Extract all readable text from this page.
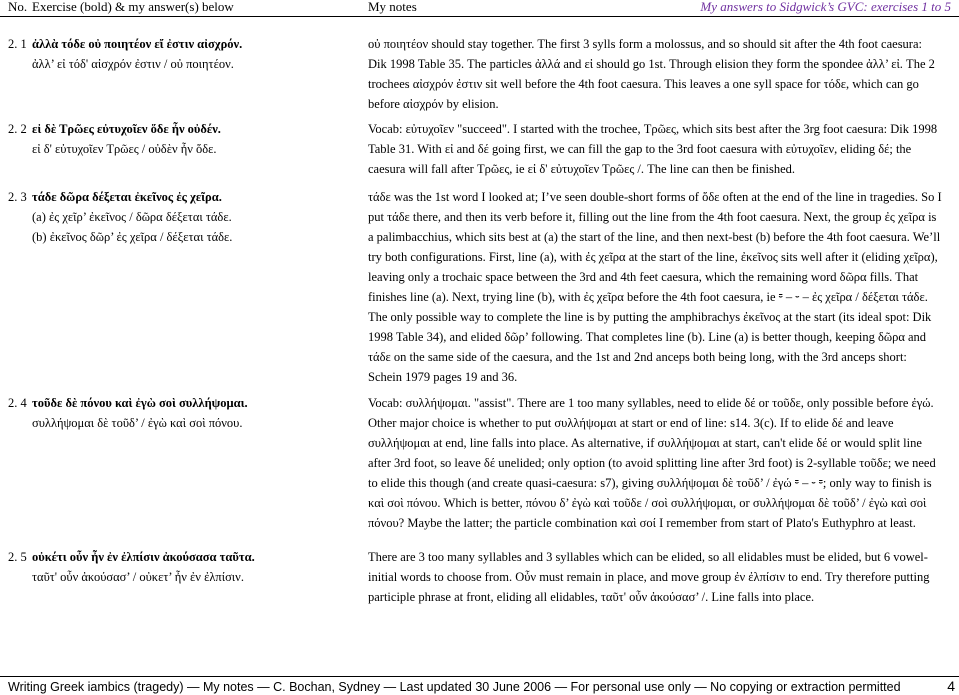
No. Exercise (bold) & my answer(s) below	My notes	My answers to Sidgwick’s GVC: exercises 1 to 5
2. 1 ἀλλὰ τόδε οὐ ποιητέον εἴ ἐστιν αἰσχρόν.
ἀλλ’ εἰ τόδ' αἰσχρόν ἐστιν / οὐ ποιητέον.

οὐ ποιητέον should stay together. The first 3 sylls form a molossus, and so should sit after the 4th foot caesura: Dik 1998 Table 35. The particles ἀλλά and εἰ should go 1st. Through elision they form the spondee ἀλλ’ εἰ. The 2 trochees αἰσχρόν ἐστιν sit well before the 4th foot caesura. This leaves a one syll space for τόδε, which can go before αἰσχρόν by elision.

2. 2 εἰ δὲ Τρῶες εὐτυχοῖεν ὅδε ἦν οὐδέν.
εἰ δ' εὐτυχοῖεν Τρῶες / οὐδὲν ἦν ὅδε.

Vocab: εὐτυχοῖεν "succeed". I started with the trochee, Τρῶες, which sits best after the 3rg foot caesura: Dik 1998 Table 31. With εἰ and δέ going first, we can fill the gap to the 3rd foot caesura with εὐτυχοῖεν, eliding δέ; the caesura will fall after Τρῶες, ie εἰ δ' εὐτυχοῖεν Τρῶες /. The line can then be finished.

2. 3 τάδε δῶρα δέξεται ἐκεῖνος ἐς χεῖρα.
(a) ἐς χεῖρ’ ἐκεῖνος / δῶρα δέξεται τάδε.
(b) ἐκεῖνος δῶρ’ ἐς χεῖρα / δέξεται τάδε.

τάδε was the 1st word I looked at; I’ve seen double-short forms of ὅδε often at the end of the line in tragedies. So I put τάδε there, and then its verb before it, filling out the line from the 4th foot caesura. Next, the group ἐς χεῖρα is a palimbacchius, which sits best at (a) the start of the line, and then next-best (b) before the 4th foot caesura. We’ll try both configurations. First, line (a), with ἐς χεῖρα at the start of the line, ἐκεῖνος sits well after it (eliding χεῖρα), leaving only a trochaic space between the 3rd and 4th feet caesura, which the remaining word δῶρα fills. That finishes line (a). Next, trying line (b), with ἐς χεῖρα before the 4th foot caesura, ie ⏒ – ⏑ – ἐς χεῖρα / δέξεται τάδε. The only possible way to complete the line is by putting the amphibrachys ἐκεῖνος at the start (its ideal spot: Dik 1998 Table 34), and elided δῶρ’ following. That completes line (b). Line (a) is better though, keeping δῶρα and τάδε on the same side of the caesura, and the 1st and 2nd anceps both being long, with the 3rd anceps short: Schein 1979 pages 19 and 36.

2. 4 τοῦδε δὲ πόνου καὶ ἐγὼ σοὶ συλλήψομαι.
συλλήψομαι δὲ τοῦδ’ / ἐγὼ καὶ σοὶ πόνου.

Vocab: συλλήψομαι. "assist". There are 1 too many syllables, need to elide δέ or τοῦδε, only possible before ἐγώ. Other major choice is whether to put συλλήψομαι at start or end of line: s14. 3(c). If to elide δέ and leave συλλήψομαι at end, line falls into place. As alternative, if συλλήψομαι at start, can't elide δέ or would split line after 3rd foot, so leave δέ unelided; only option (to avoid splitting line after 3rd foot) is 2-syllable τοῦδε; we need to elide this though (and create quasi-caesura: s7), giving συλλήψομαι δὲ τοῦδ’ / ἐγώ ⏒ – ⏑ ⏒; only way to finish is καὶ σοὶ πόνου. Which is better, πόνου δ’ ἐγὼ καὶ τοῦδε / σοὶ συλλήψομαι, or συλλήψομαι δὲ τοῦδ’ / ἐγὼ καὶ σοὶ πόνου? Maybe the latter; the particle combination καὶ σοί I remember from start of Plato's Euthyphro at least.

2. 5 οὐκέτι οὖν ἦν ἐν ἐλπίσιν ἀκούσασα ταῦτα.
ταῦτ' οὖν ἀκούσασ’ / οὐκετ’ ἦν ἐν ἐλπίσιν.

There are 3 too many syllables and 3 syllables which can be elided, so all elidables must be elided, but 6 vowel-initial words to choose from. Οὖν must remain in place, and move group ἐν ἐλπίσιν to end. Try therefore putting participle phrase at front, eliding all elidables, ταῦτ' οὖν ἀκούσασ’ /. Line falls into place.

Writing Greek iambics (tragedy) — My notes — C. Bochan, Sydney — Last updated 30 June 2006 — For personal use only — No copying or extraction permitted	4
